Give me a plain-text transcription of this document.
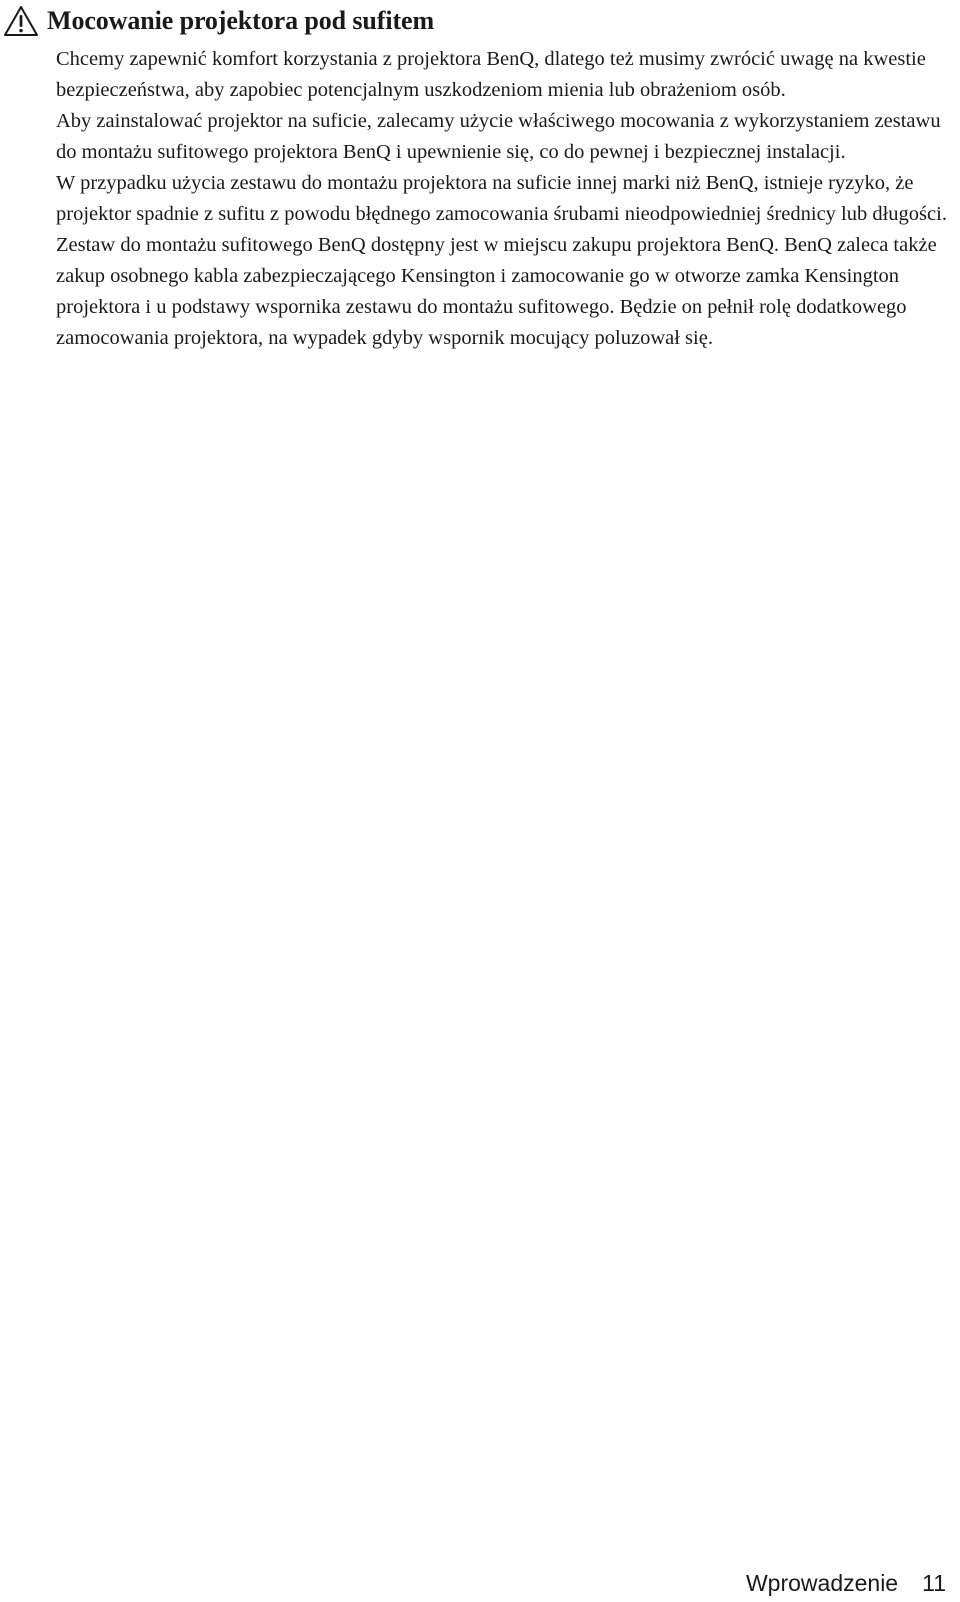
Mocowanie projektora pod sufitem

Chcemy zapewnić komfort korzystania z projektora BenQ, dlatego też musimy zwrócić uwagę na kwestie bezpieczeństwa, aby zapobiec potencjalnym uszkodzeniom mienia lub obrażeniom osób.

Aby zainstalować projektor na suficie, zalecamy użycie właściwego mocowania z wykorzystaniem zestawu do montażu sufitowego projektora BenQ i upewnienie się, co do pewnej i bezpiecznej instalacji.

W przypadku użycia zestawu do montażu projektora na suficie innej marki niż BenQ, istnieje ryzyko, że projektor spadnie z sufitu z powodu błędnego zamocowania śrubami nieodpowiedniej średnicy lub długości.

Zestaw do montażu sufitowego BenQ dostępny jest w miejscu zakupu projektora BenQ. BenQ zaleca także zakup osobnego kabla zabezpieczającego Kensington i zamocowanie go w otworze zamka Kensington projektora i u podstawy wspornika zestawu do montażu sufitowego. Będzie on pełnił rolę dodatkowego zamocowania projektora, na wypadek gdyby wspornik mocujący poluzował się.

Wprowadzenie 11
